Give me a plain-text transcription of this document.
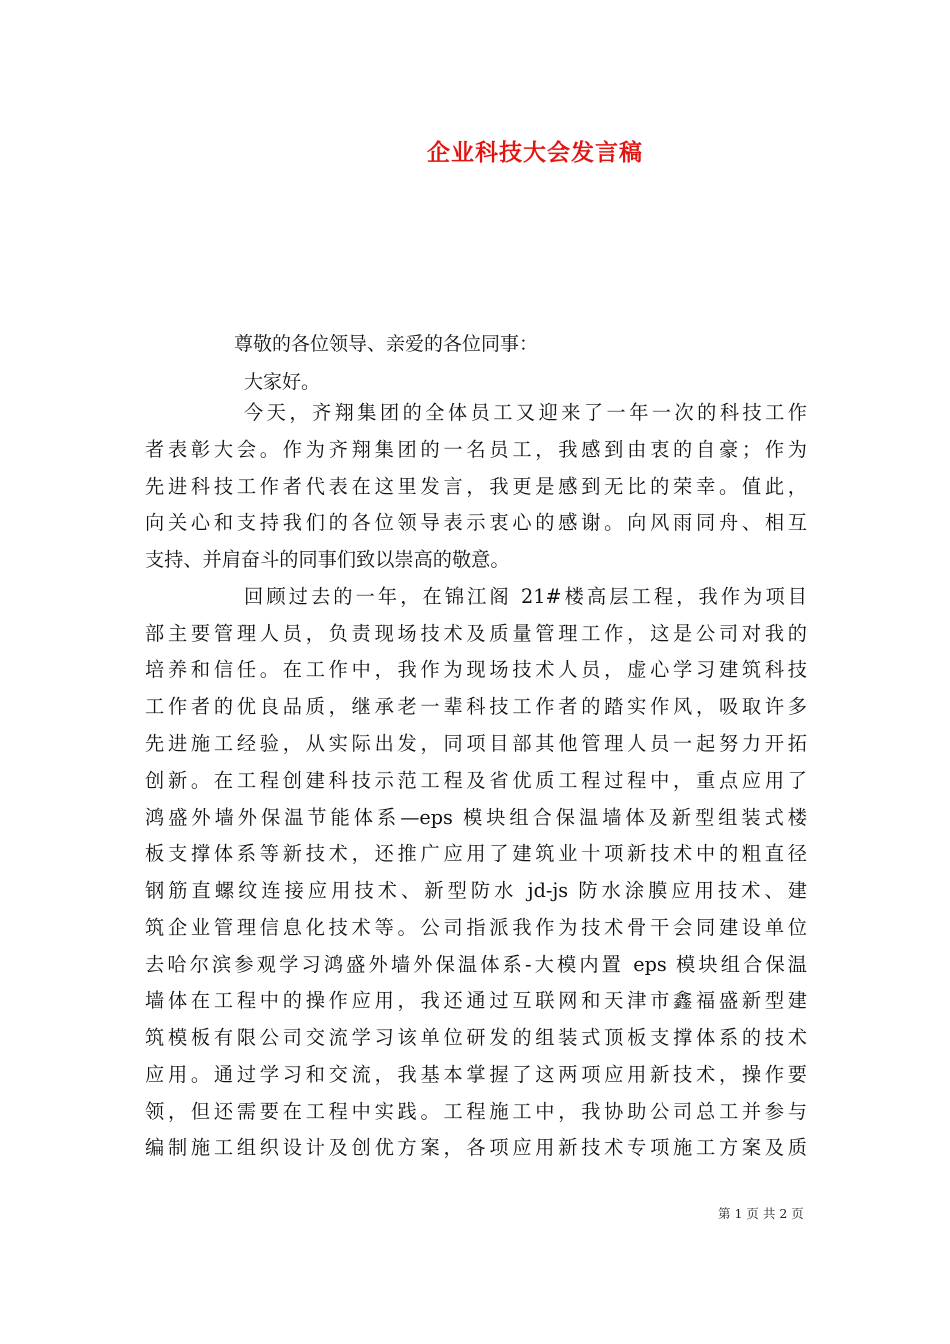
企业科技大会发言稿
尊敬的各位领导、亲爱的各位同事：
大家好。
今天，齐翔集团的全体员工又迎来了一年一次的科技工作
者表彰大会。作为齐翔集团的一名员工，我感到由衷的自豪；作为
先进科技工作者代表在这里发言，我更是感到无比的荣幸。值此，
向关心和支持我们的各位领导表示衷心的感谢。向风雨同舟、相互
支持、并肩奋斗的同事们致以崇高的敬意。
回顾过去的一年，在锦江阁 21#楼高层工程，我作为项目
部主要管理人员，负责现场技术及质量管理工作，这是公司对我的
培养和信任。在工作中，我作为现场技术人员，虚心学习建筑科技
工作者的优良品质，继承老一辈科技工作者的踏实作风，吸取许多
先进施工经验，从实际出发，同项目部其他管理人员一起努力开拓
创新。在工程创建科技示范工程及省优质工程过程中，重点应用了
鸿盛外墙外保温节能体系—eps 模块组合保温墙体及新型组装式楼
板支撑体系等新技术，还推广应用了建筑业十项新技术中的粗直径
钢筋直螺纹连接应用技术、新型防水 jd-js 防水涂膜应用技术、建
筑企业管理信息化技术等。公司指派我作为技术骨干会同建设单位
去哈尔滨参观学习鸿盛外墙外保温体系-大模内置 eps 模块组合保温
墙体在工程中的操作应用，我还通过互联网和天津市鑫福盛新型建
筑模板有限公司交流学习该单位研发的组装式顶板支撑体系的技术
应用。通过学习和交流，我基本掌握了这两项应用新技术，操作要
领，但还需要在工程中实践。工程施工中，我协助公司总工并参与
编制施工组织设计及创优方案，各项应用新技术专项施工方案及质
第 1 页 共 2 页
